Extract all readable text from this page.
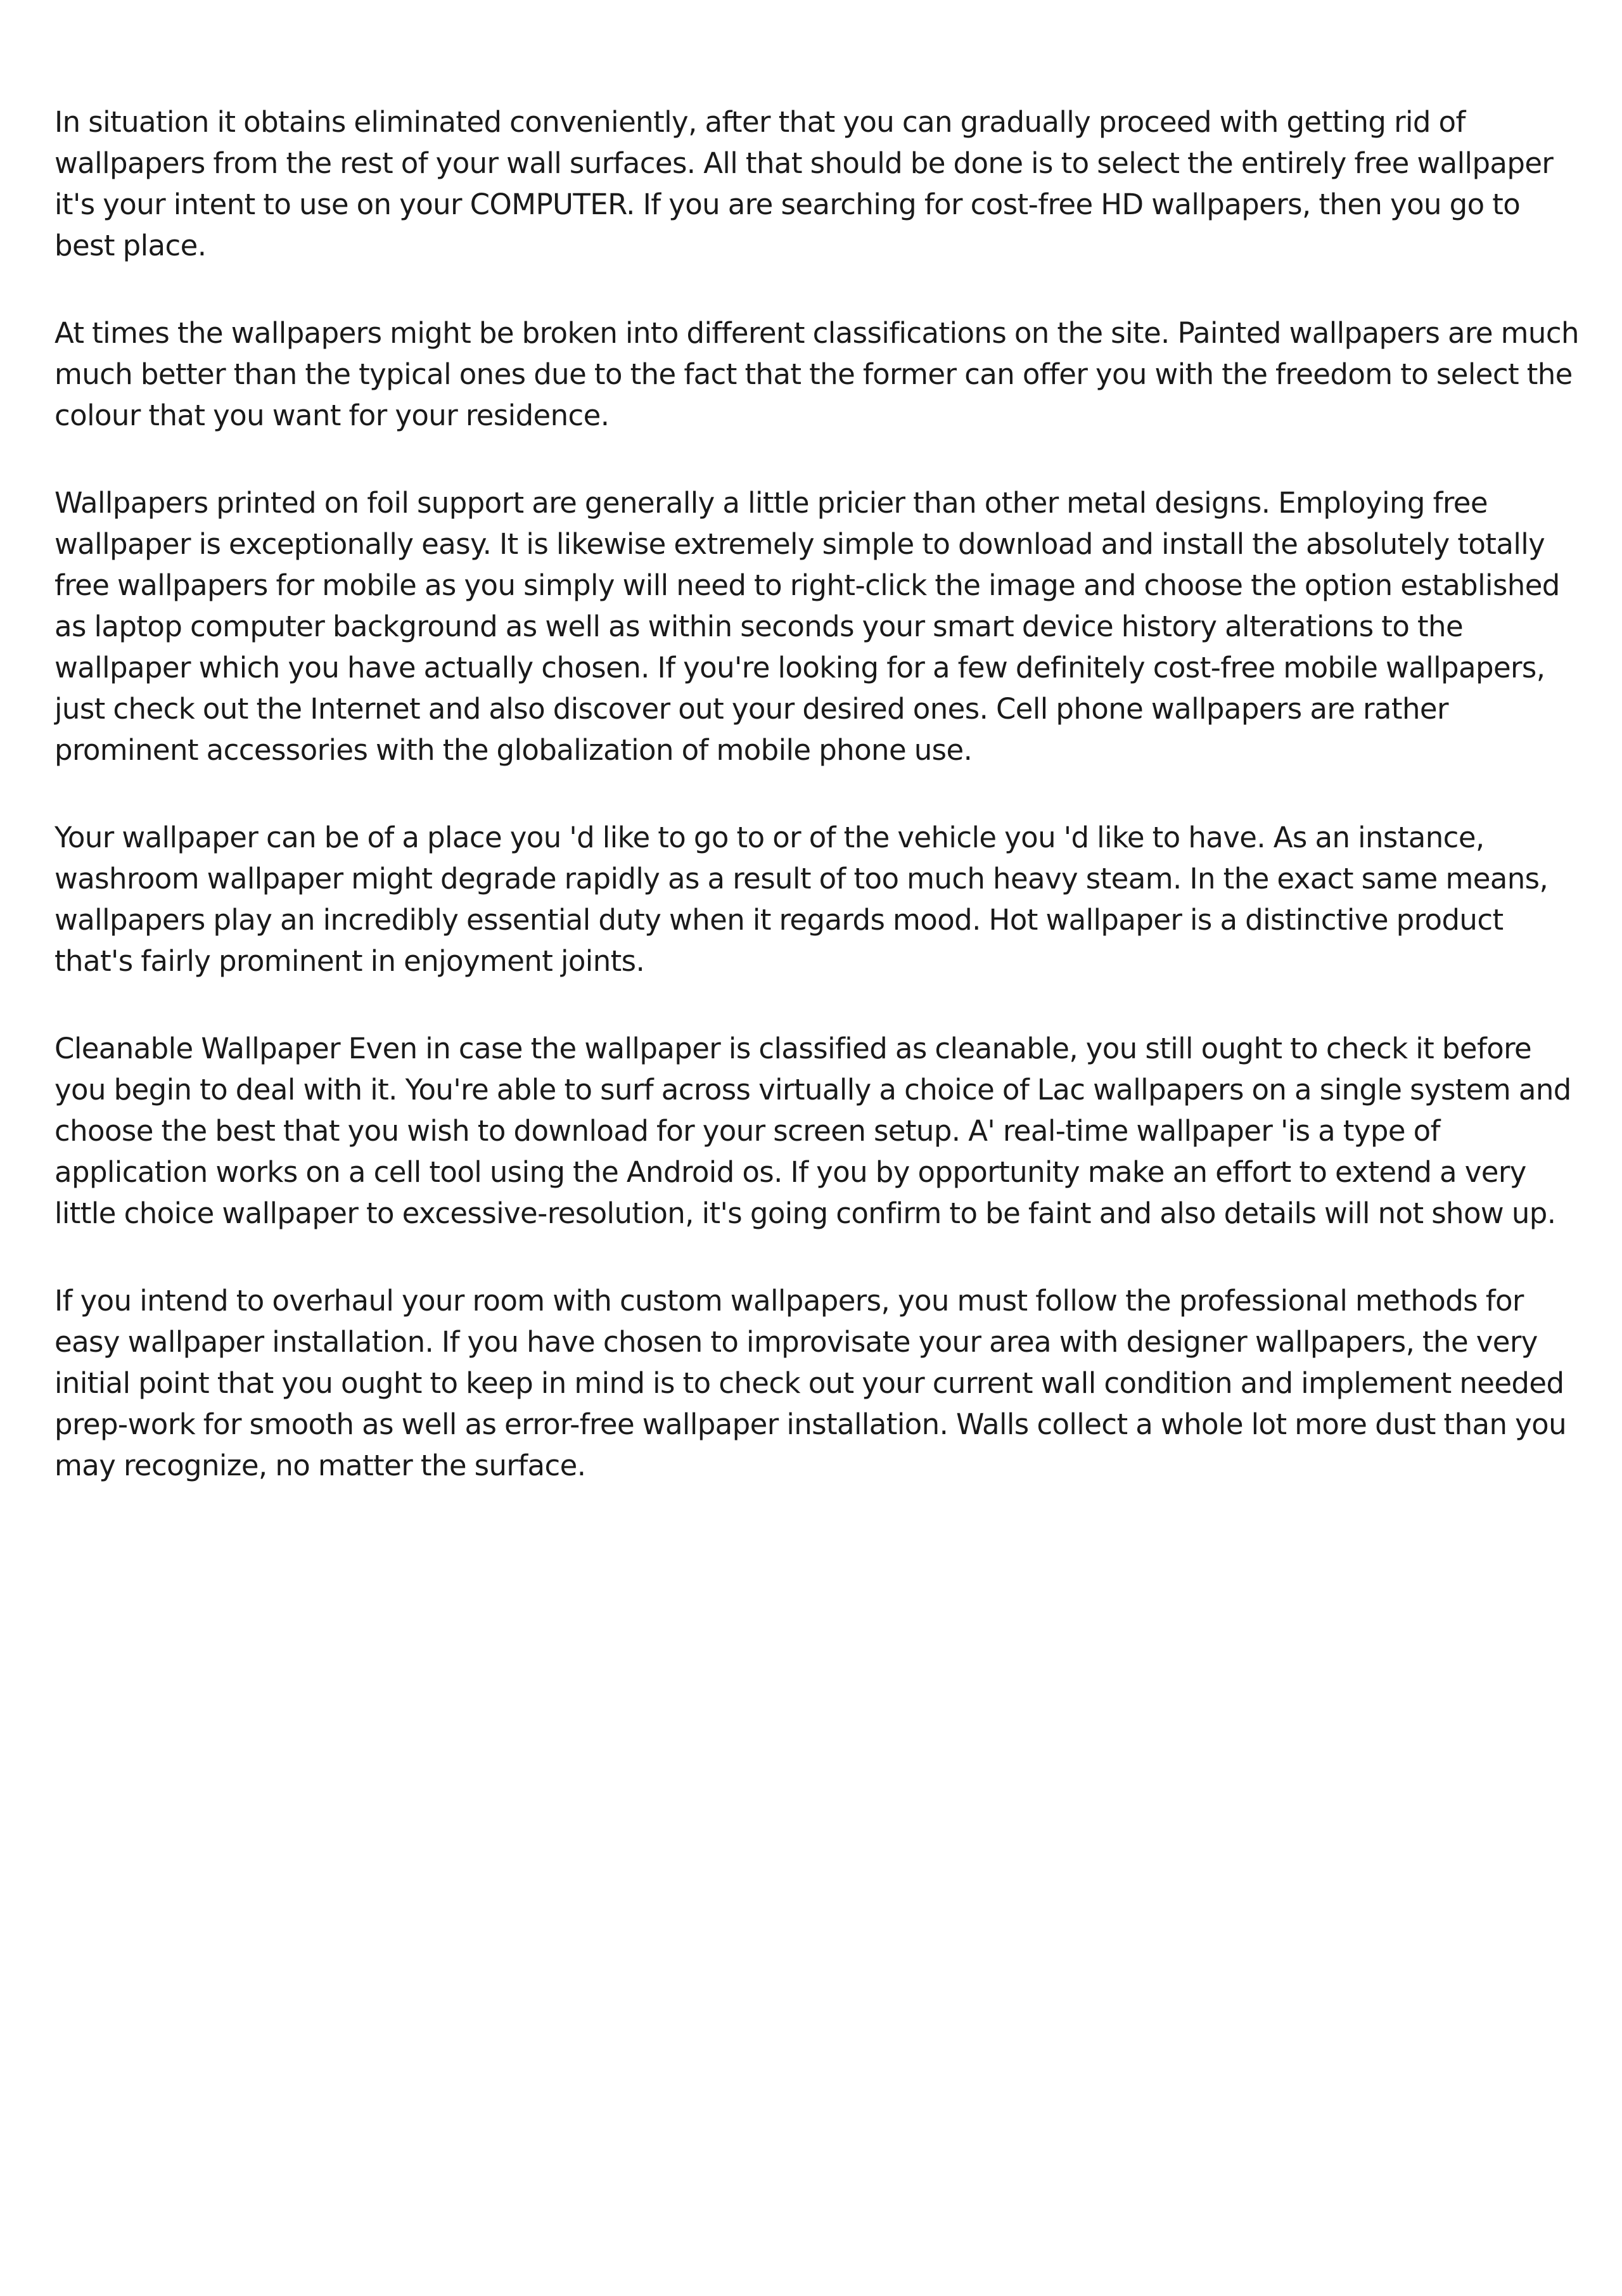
In situation it obtains eliminated conveniently, after that you can gradually proceed with getting rid of wallpapers from the rest of your wall surfaces. All that should be done is to select the entirely free wallpaper it's your intent to use on your COMPUTER. If you are searching for cost-free HD wallpapers, then you go to best place.

At times the wallpapers might be broken into different classifications on the site. Painted wallpapers are much much better than the typical ones due to the fact that the former can offer you with the freedom to select the colour that you want for your residence.

Wallpapers printed on foil support are generally a little pricier than other metal designs. Employing free wallpaper is exceptionally easy. It is likewise extremely simple to download and install the absolutely totally free wallpapers for mobile as you simply will need to right-click the image and choose the option established as laptop computer background as well as within seconds your smart device history alterations to the wallpaper which you have actually chosen. If you're looking for a few definitely cost-free mobile wallpapers, just check out the Internet and also discover out your desired ones. Cell phone wallpapers are rather prominent accessories with the globalization of mobile phone use.

Your wallpaper can be of a place you 'd like to go to or of the vehicle you 'd like to have. As an instance, washroom wallpaper might degrade rapidly as a result of too much heavy steam. In the exact same means, wallpapers play an incredibly essential duty when it regards mood. Hot wallpaper is a distinctive product that's fairly prominent in enjoyment joints.

Cleanable Wallpaper Even in case the wallpaper is classified as cleanable, you still ought to check it before you begin to deal with it. You're able to surf across virtually a choice of Lac wallpapers on a single system and choose the best that you wish to download for your screen setup. A' real-time wallpaper 'is a type of application works on a cell tool using the Android os. If you by opportunity make an effort to extend a very little choice wallpaper to excessive-resolution, it's going confirm to be faint and also details will not show up.

If you intend to overhaul your room with custom wallpapers, you must follow the professional methods for easy wallpaper installation. If you have chosen to improvisate your area with designer wallpapers, the very initial point that you ought to keep in mind is to check out your current wall condition and implement needed prep-work for smooth as well as error-free wallpaper installation. Walls collect a whole lot more dust than you may recognize, no matter the surface.
